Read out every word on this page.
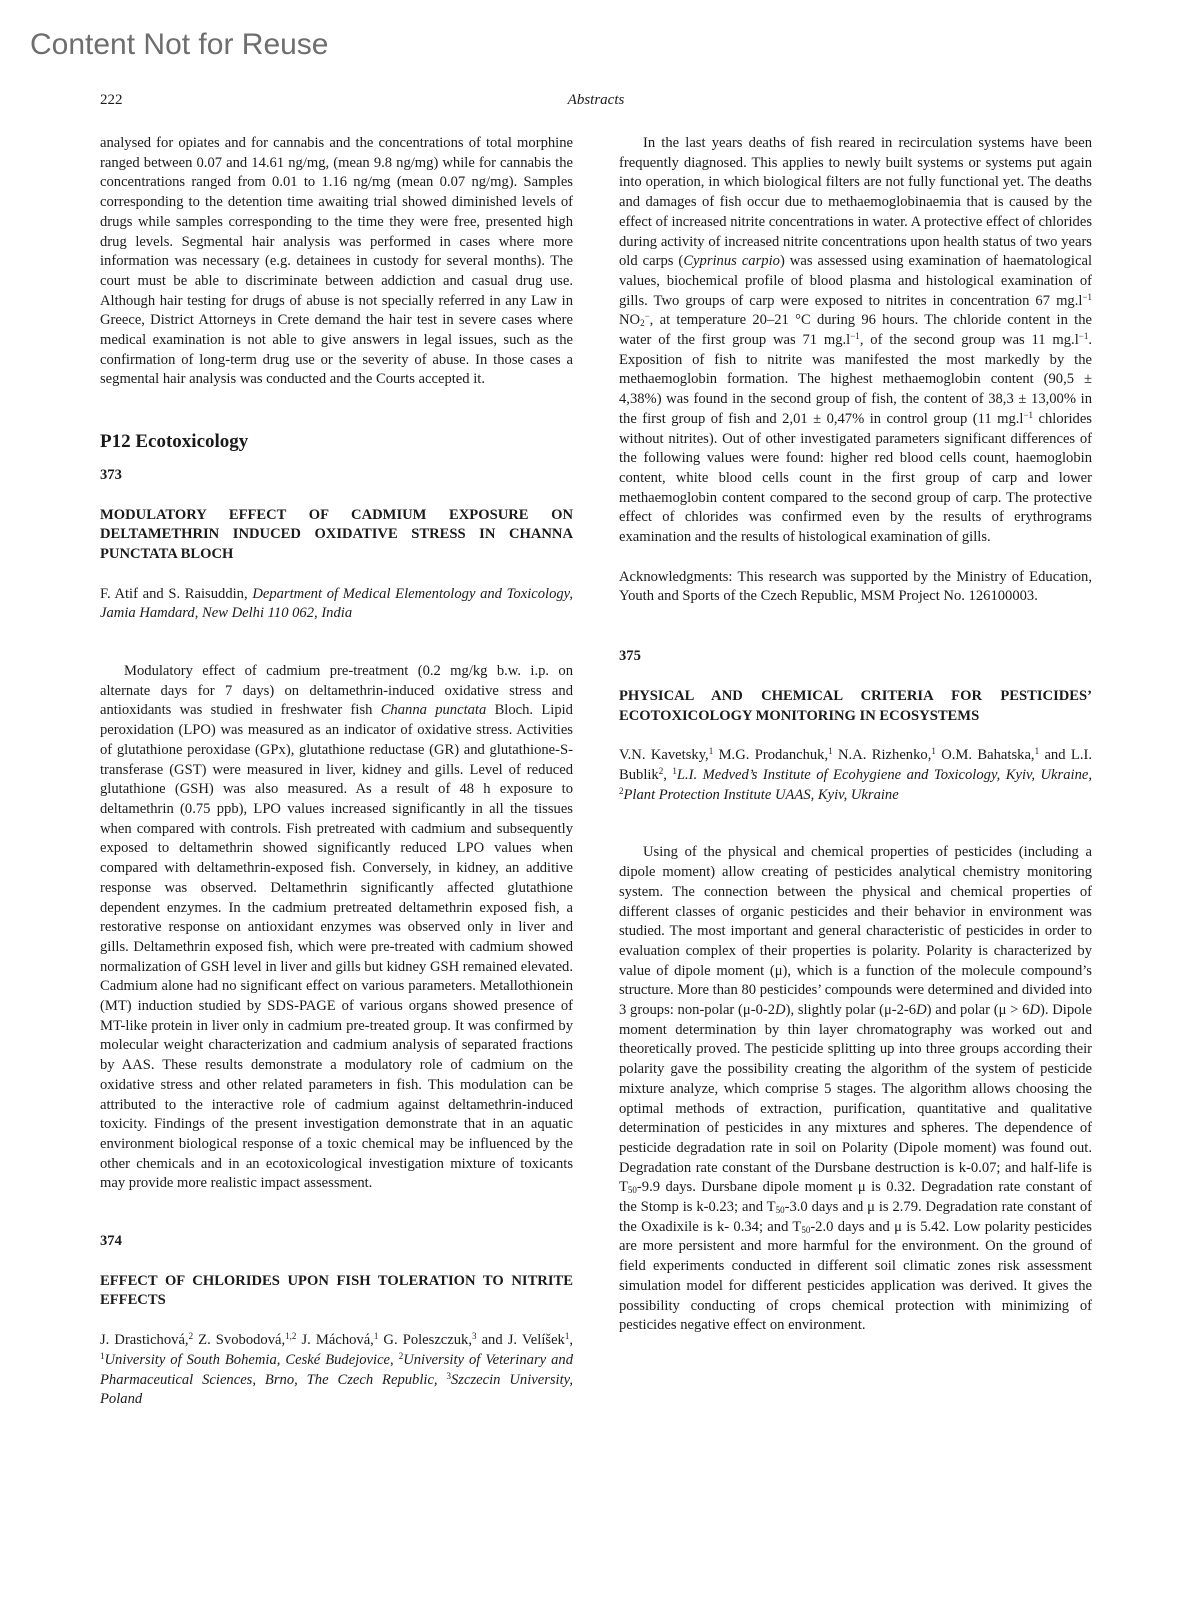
Content Not for Reuse
222	Abstracts

analysed for opiates and for cannabis and the concentrations of total morphine ranged between 0.07 and 14.61 ng/mg, (mean 9.8 ng/mg) while for cannabis the concentrations ranged from 0.01 to 1.16 ng/mg (mean 0.07 ng/mg). Samples corresponding to the detention time awaiting trial showed diminished levels of drugs while samples corresponding to the time they were free, presented high drug levels. Segmental hair analysis was performed in cases where more information was necessary (e.g. detainees in custody for several months). The court must be able to discriminate between addiction and casual drug use. Although hair testing for drugs of abuse is not specially referred in any Law in Greece, District Attorneys in Crete demand the hair test in severe cases where medical examination is not able to give answers in legal issues, such as the confirmation of long-term drug use or the severity of abuse. In those cases a segmental hair analysis was conducted and the Courts accepted it.

P12 Ecotoxicology

373

MODULATORY EFFECT OF CADMIUM EXPOSURE ON DELTAMETHRIN INDUCED OXIDATIVE STRESS IN CHANNA PUNCTATA BLOCH

F. Atif and S. Raisuddin, Department of Medical Elementology and Toxicology, Jamia Hamdard, New Delhi 110 062, India

Modulatory effect of cadmium pre-treatment (0.2 mg/kg b.w. i.p. on alternate days for 7 days) on deltamethrin-induced oxidative stress and antioxidants was studied in freshwater fish Channa punctata Bloch. Lipid peroxidation (LPO) was measured as an indicator of oxidative stress. Activities of glutathione peroxidase (GPx), glutathione reductase (GR) and glutathione-S-transferase (GST) were measured in liver, kidney and gills. Level of reduced glutathione (GSH) was also measured. As a result of 48 h exposure to deltamethrin (0.75 ppb), LPO values increased significantly in all the tissues when compared with controls. Fish pretreated with cadmium and subsequently exposed to deltamethrin showed significantly reduced LPO values when compared with deltamethrin-exposed fish. Conversely, in kidney, an additive response was observed. Deltamethrin significantly affected glutathione dependent enzymes. In the cadmium pretreated deltamethrin exposed fish, a restorative response on antioxidant enzymes was observed only in liver and gills. Deltamethrin exposed fish, which were pre-treated with cadmium showed normalization of GSH level in liver and gills but kidney GSH remained elevated. Cadmium alone had no significant effect on various parameters. Metallothionein (MT) induction studied by SDS-PAGE of various organs showed presence of MT-like protein in liver only in cadmium pre-treated group. It was confirmed by molecular weight characterization and cadmium analysis of separated fractions by AAS. These results demonstrate a modulatory role of cadmium on the oxidative stress and other related parameters in fish. This modulation can be attributed to the interactive role of cadmium against deltamethrin-induced toxicity. Findings of the present investigation demonstrate that in an aquatic environment biological response of a toxic chemical may be influenced by the other chemicals and in an ecotoxicological investigation mixture of toxicants may provide more realistic impact assessment.

374

EFFECT OF CHLORIDES UPON FISH TOLERATION TO NITRITE EFFECTS

J. Drastichová,$^2$ Z. Svobodová,$^{1,2}$ J. Máchová,$^1$ G. Poleszczuk,$^3$ and J. Velíšek$^1$, $^1$University of South Bohemia, Ceské Budejovice, $^2$University of Veterinary and Pharmaceutical Sciences, Brno, The Czech Republic, $^3$Szczecin University, Poland

In the last years deaths of fish reared in recirculation systems have been frequently diagnosed. This applies to newly built systems or systems put again into operation, in which biological filters are not fully functional yet. The deaths and damages of fish occur due to methaemoglobinaemia that is caused by the effect of increased nitrite concentrations in water. A protective effect of chlorides during activity of increased nitrite concentrations upon health status of two years old carps (Cyprinus carpio) was assessed using examination of haematological values, biochemical profile of blood plasma and histological examination of gills. Two groups of carp were exposed to nitrites in concentration 67 $mg.l^{-1}$ $NO_2^-$, at temperature 20–21 °C during 96 hours. The chloride content in the water of the first group was 71 $mg.l^{-1}$, of the second group was 11 $mg.l^{-1}$. Exposition of fish to nitrite was manifested the most markedly by the methaemoglobin formation. The highest methaemoglobin content (90,5 ± 4,38%) was found in the second group of fish, the content of 38,3 ± 13,00% in the first group of fish and 2,01 ± 0,47% in control group (11 $mg.l^{-1}$ chlorides without nitrites). Out of other investigated parameters significant differences of the following values were found: higher red blood cells count, haemoglobin content, white blood cells count in the first group of carp and lower methaemoglobin content compared to the second group of carp. The protective effect of chlorides was confirmed even by the results of erythrograms examination and the results of histological examination of gills.

Acknowledgments: This research was supported by the Ministry of Education, Youth and Sports of the Czech Republic, MSM Project No. 126100003.

375

PHYSICAL AND CHEMICAL CRITERIA FOR PESTICIDES’ ECOTOXICOLOGY MONITORING IN ECOSYSTEMS

V.N. Kavetsky,$^1$ M.G. Prodanchuk,$^1$ N.A. Rizhenko,$^1$ O.M. Bahatska,$^1$ and L.I. Bublik$^2$, $^1$L.I. Medved’s Institute of Ecohygiene and Toxicology, Kyiv, Ukraine, $^2$Plant Protection Institute UAAS, Kyiv, Ukraine

Using of the physical and chemical properties of pesticides (including a dipole moment) allow creating of pesticides analytical chemistry monitoring system. The connection between the physical and chemical properties of different classes of organic pesticides and their behavior in environment was studied. The most important and general characteristic of pesticides in order to evaluation complex of their properties is polarity. Polarity is characterized by value of dipole moment (μ), which is a function of the molecule compound’s structure. More than 80 pesticides’ compounds were determined and divided into 3 groups: non-polar (μ-0-2D), slightly polar (μ-2-6D) and polar (μ > 6D). Dipole moment determination by thin layer chromatography was worked out and theoretically proved. The pesticide splitting up into three groups according their polarity gave the possibility creating the algorithm of the system of pesticide mixture analyze, which comprise 5 stages. The algorithm allows choosing the optimal methods of extraction, purification, quantitative and qualitative determination of pesticides in any mixtures and spheres. The dependence of pesticide degradation rate in soil on Polarity (Dipole moment) was found out. Degradation rate constant of the Dursbane destruction is k-0.07; and half-life is $T_{50}-9.9$ days. Dursbane dipole moment μ is 0.32. Degradation rate constant of the Stomp is k-0.23; and $T_{50}-3.0$ days and μ is 2.79. Degradation rate constant of the Oxadixile is k- 0.34; and $T_{50}-2.0$ days and μ is 5.42. Low polarity pesticides are more persistent and more harmful for the environment. On the ground of field experiments conducted in different soil climatic zones risk assessment simulation model for different pesticides application was derived. It gives the possibility conducting of crops chemical protection with minimizing of pesticides negative effect on environment.
